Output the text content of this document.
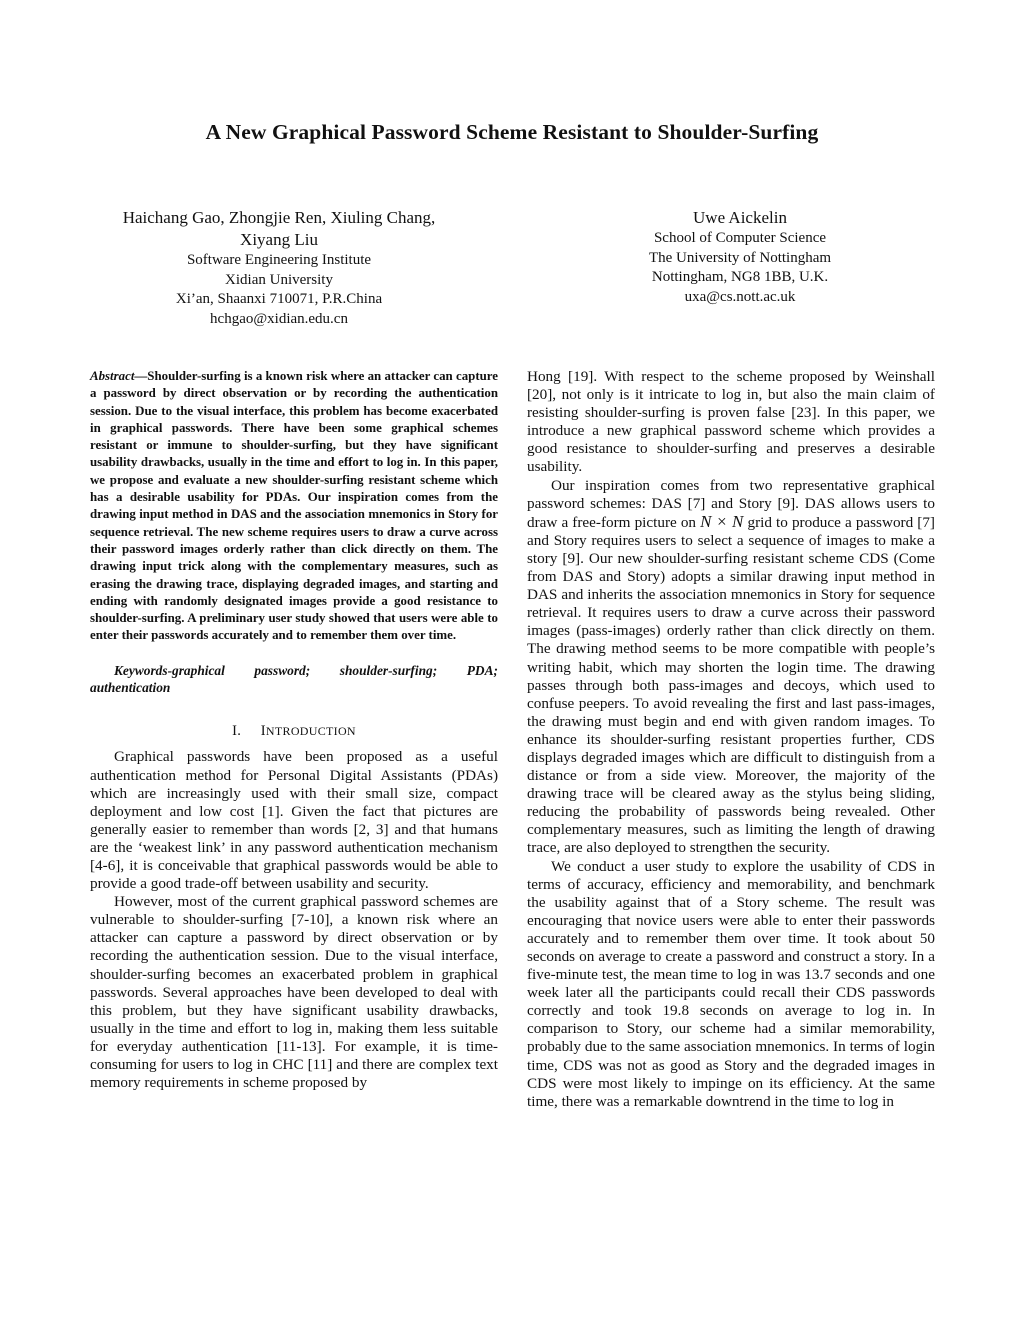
A New Graphical Password Scheme Resistant to Shoulder-Surfing
Haichang Gao, Zhongjie Ren, Xiuling Chang, Xiyang Liu
Software Engineering Institute
Xidian University
Xi’an, Shaanxi 710071, P.R.China
hchgao@xidian.edu.cn
Uwe Aickelin
School of Computer Science
The University of Nottingham
Nottingham, NG8 1BB, U.K.
uxa@cs.nott.ac.uk

Abstract—Shoulder-surfing is a known risk where an attacker can capture a password by direct observation or by recording the authentication session. Due to the visual interface, this problem has become exacerbated in graphical passwords. There have been some graphical schemes resistant or immune to shoulder-surfing, but they have significant usability drawbacks, usually in the time and effort to log in. In this paper, we propose and evaluate a new shoulder-surfing resistant scheme which has a desirable usability for PDAs. Our inspiration comes from the drawing input method in DAS and the association mnemonics in Story for sequence retrieval. The new scheme requires users to draw a curve across their password images orderly rather than click directly on them. The drawing input trick along with the complementary measures, such as erasing the drawing trace, displaying degraded images, and starting and ending with randomly designated images provide a good resistance to shoulder-surfing. A preliminary user study showed that users were able to enter their passwords accurately and to remember them over time.

Keywords-graphical password; shoulder-surfing; PDA; authentication

I. INTRODUCTION

Graphical passwords have been proposed as a useful authentication method for Personal Digital Assistants (PDAs) which are increasingly used with their small size, compact deployment and low cost [1]. Given the fact that pictures are generally easier to remember than words [2, 3] and that humans are the ‘weakest link’ in any password authentication mechanism [4-6], it is conceivable that graphical passwords would be able to provide a good trade-off between usability and security.

However, most of the current graphical password schemes are vulnerable to shoulder-surfing [7-10], a known risk where an attacker can capture a password by direct observation or by recording the authentication session. Due to the visual interface, shoulder-surfing becomes an exacerbated problem in graphical passwords. Several approaches have been developed to deal with this problem, but they have significant usability drawbacks, usually in the time and effort to log in, making them less suitable for everyday authentication [11-13]. For example, it is time-consuming for users to log in CHC [11] and there are complex text memory requirements in scheme proposed by

Hong [19]. With respect to the scheme proposed by Weinshall [20], not only is it intricate to log in, but also the main claim of resisting shoulder-surfing is proven false [23]. In this paper, we introduce a new graphical password scheme which provides a good resistance to shoulder-surfing and preserves a desirable usability.

Our inspiration comes from two representative graphical password schemes: DAS [7] and Story [9]. DAS allows users to draw a free-form picture on N × N grid to produce a password [7] and Story requires users to select a sequence of images to make a story [9]. Our new shoulder-surfing resistant scheme CDS (Come from DAS and Story) adopts a similar drawing input method in DAS and inherits the association mnemonics in Story for sequence retrieval. It requires users to draw a curve across their password images (pass-images) orderly rather than click directly on them. The drawing method seems to be more compatible with people’s writing habit, which may shorten the login time. The drawing passes through both pass-images and decoys, which used to confuse peepers. To avoid revealing the first and last pass-images, the drawing must begin and end with given random images. To enhance its shoulder-surfing resistant properties further, CDS displays degraded images which are difficult to distinguish from a distance or from a side view. Moreover, the majority of the drawing trace will be cleared away as the stylus being sliding, reducing the probability of passwords being revealed. Other complementary measures, such as limiting the length of drawing trace, are also deployed to strengthen the security.

We conduct a user study to explore the usability of CDS in terms of accuracy, efficiency and memorability, and benchmark the usability against that of a Story scheme. The result was encouraging that novice users were able to enter their passwords accurately and to remember them over time. It took about 50 seconds on average to create a password and construct a story. In a five-minute test, the mean time to log in was 13.7 seconds and one week later all the participants could recall their CDS passwords correctly and took 19.8 seconds on average to log in. In comparison to Story, our scheme had a similar memorability, probably due to the same association mnemonics. In terms of login time, CDS was not as good as Story and the degraded images in CDS were most likely to impinge on its efficiency. At the same time, there was a remarkable downtrend in the time to log in
